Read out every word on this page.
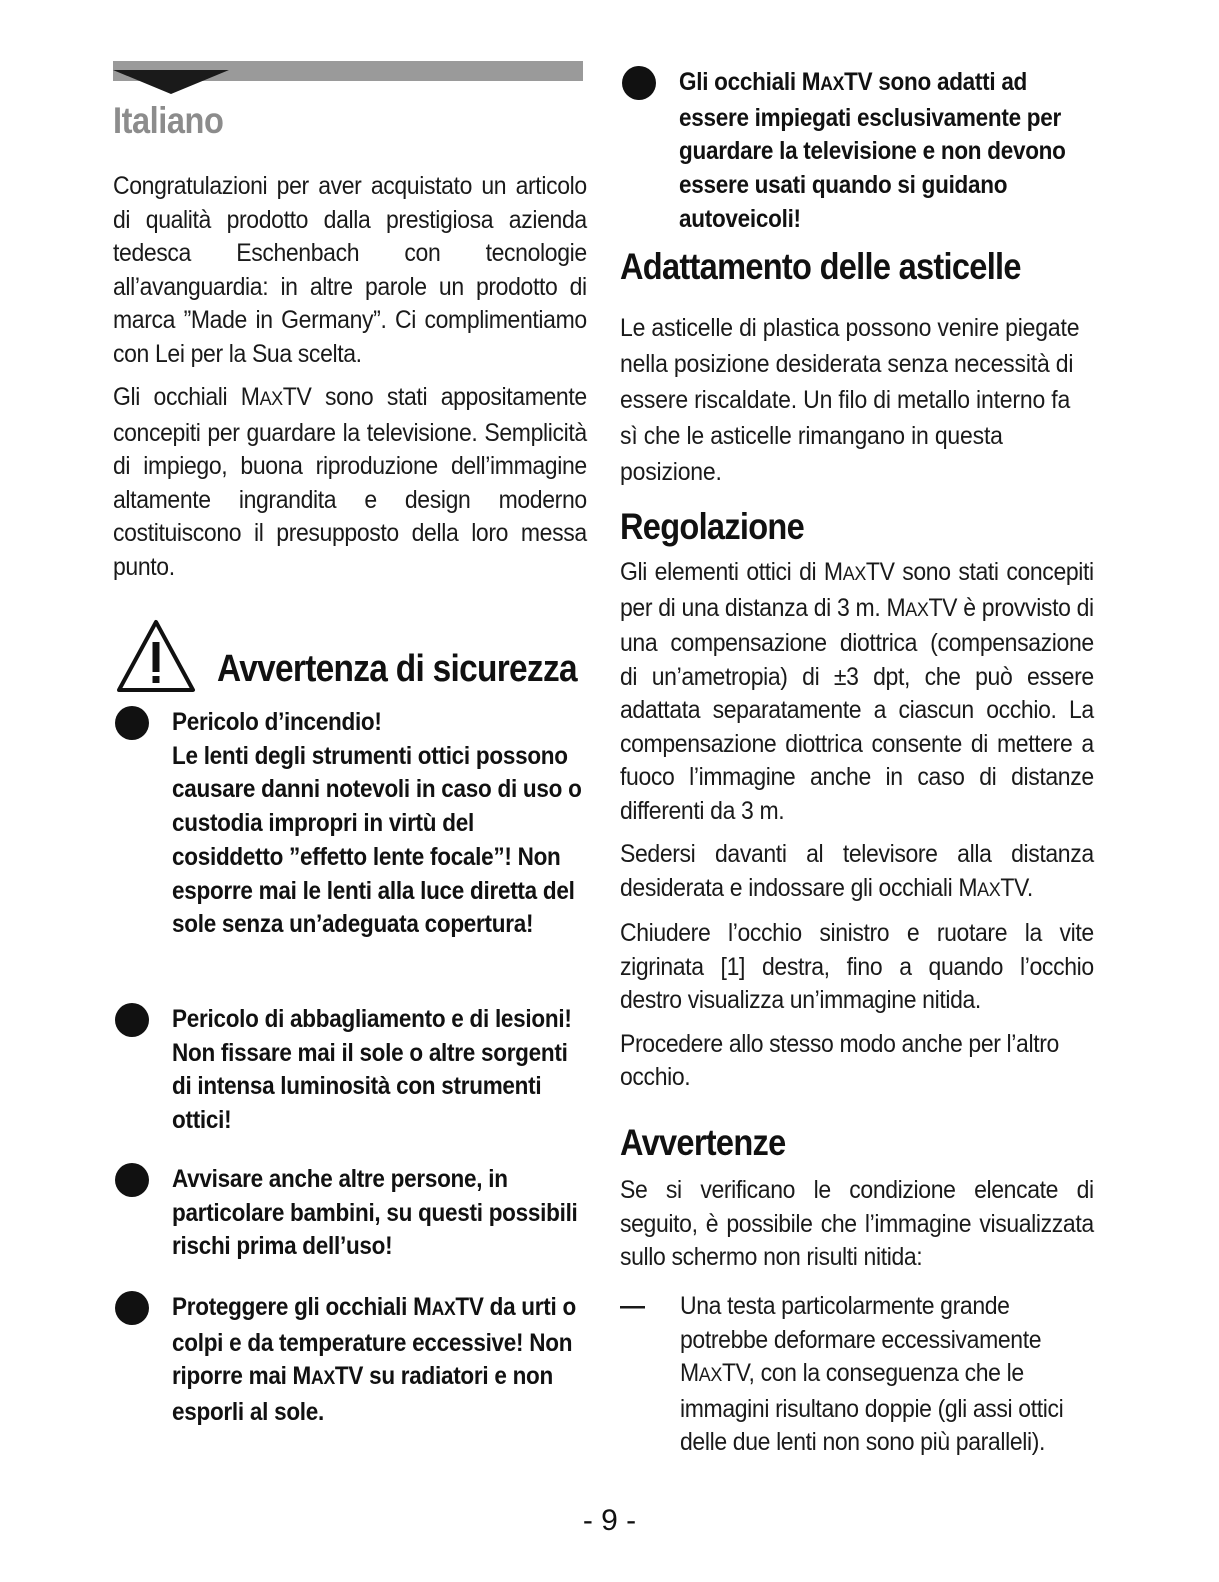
Italiano

Congratulazioni per aver acquistato un articolo di qualità prodotto dalla prestigiosa azienda tedesca Eschenbach con tecnologie all’avanguardia: in altre parole un prodotto di marca ”Made in Germany”. Ci complimentiamo con Lei per la Sua scelta.

Gli occhiali MAXTV sono stati appositamente concepiti per guardare la televisione. Semplicità di impiego, buona riproduzione dell’immagine altamente ingrandita e design moderno costituiscono il presupposto della loro messa punto.

Avvertenza di sicurezza

Pericolo d’incendio!
Le lenti degli strumenti ottici possono causare danni notevoli in caso di uso o custodia impropri in virtù del cosiddetto ”effetto lente focale”! Non esporre mai le lenti alla luce diretta del sole senza un’adeguata copertura!

Pericolo di abbagliamento e di lesioni! Non fissare mai il sole o altre sorgenti di intensa luminosità con strumenti ottici!

Avvisare anche altre persone, in particolare bambini, su questi possibili rischi prima dell’uso!

Proteggere gli occhiali MAXTV da urti o colpi e da temperature eccessive! Non riporre mai MAXTV su radiatori e non esporli al sole.

Gli occhiali MAXTV sono adatti ad essere impiegati esclusivamente per guardare la televisione e non devono essere usati quando si guidano autoveicoli!

Adattamento delle asticelle

Le asticelle di plastica possono venire piegate nella posizione desiderata senza necessità di essere riscaldate. Un filo di metallo interno fa sì che le asticelle rimangano in questa posizione.

Regolazione

Gli elementi ottici di MAXTV sono stati concepiti per di una distanza di 3 m. MAXTV è provvisto di una compensazione diottrica (compensazione di un’ametropia) di ±3 dpt, che può essere adattata separatamente a ciascun occhio. La compensazione diottrica consente di mettere a fuoco l’immagine anche in caso di distanze differenti da 3 m.

Sedersi davanti al televisore alla distanza desiderata e indossare gli occhiali MAXTV.

Chiudere l’occhio sinistro e ruotare la vite zigrinata [1] destra, fino a quando l’occhio destro visualizza un’immagine nitida.

Procedere allo stesso modo anche per l’altro occhio.

Avvertenze

Se si verificano le condizione elencate di seguito, è possibile che l’immagine visualizzata sullo schermo non risulti nitida:

— Una testa particolarmente grande potrebbe deformare eccessivamente MAXTV, con la conseguenza che le immagini risultano doppie (gli assi ottici delle due lenti non sono più paralleli).

- 9 -
